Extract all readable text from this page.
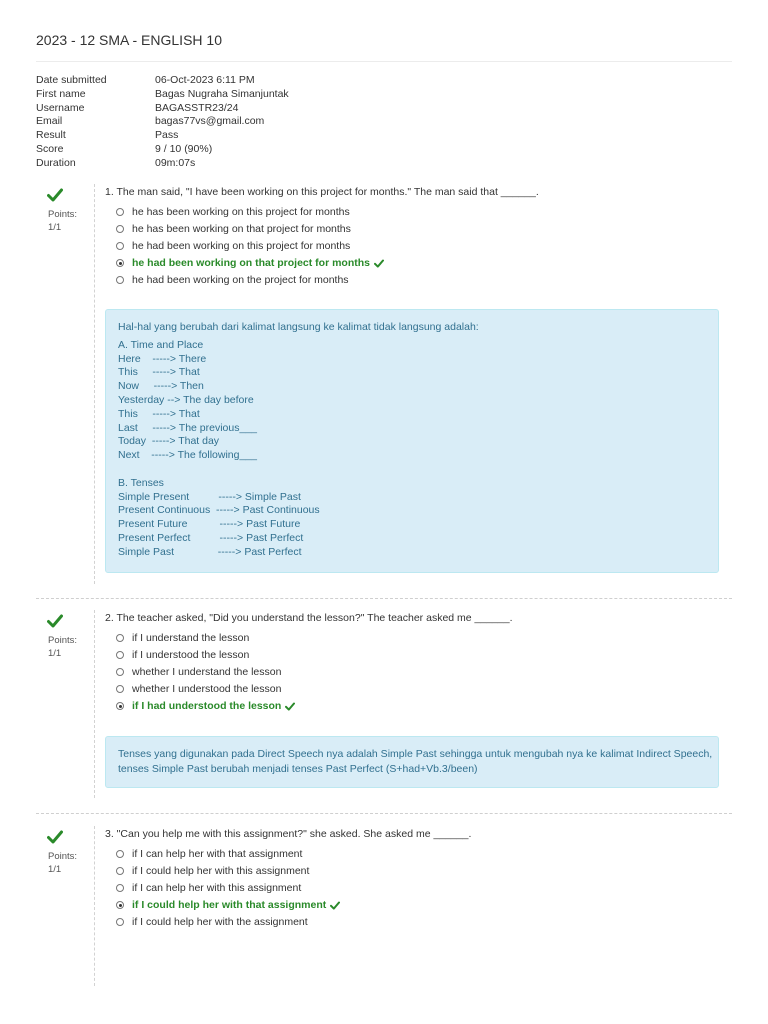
2023 - 12 SMA - ENGLISH 10
Date submitted	06-Oct-2023 6:11 PM
First name	Bagas Nugraha Simanjuntak
Username	BAGASSTR23/24
Email	bagas77vs@gmail.com
Result	Pass
Score	9 / 10 (90%)
Duration	09m:07s
Points:
1/1
1. The man said, "I have been working on this project for months." The man said that ______.
he has been working on this project for months
he has been working on that project for months
he had been working on this project for months
he had been working on that project for months
he had been working on the project for months
Hal-hal yang berubah dari kalimat langsung ke kalimat tidak langsung adalah:
A. Time and Place
Here    -----> There
This     -----> That
Now     -----> Then
Yesterday --> The day before
This     -----> That
Last     -----> The previous___
Today  -----> That day
Next    -----> The following___
B. Tenses
Simple Present          -----> Simple Past
Present Continuous  -----> Past Continuous
Present Future           -----> Past Future
Present Perfect          -----> Past Perfect
Simple Past               -----> Past Perfect
Points:
1/1
2. The teacher asked, "Did you understand the lesson?" The teacher asked me ______.
if I understand the lesson
if I understood the lesson
whether I understand the lesson
whether I understood the lesson
if I had understood the lesson
Tenses yang digunakan pada Direct Speech nya adalah Simple Past sehingga untuk mengubah nya ke kalimat Indirect Speech,
tenses Simple Past berubah menjadi tenses Past Perfect (S+had+Vb.3/been)
Points:
1/1
3. "Can you help me with this assignment?" she asked. She asked me ______.
if I can help her with that assignment
if I could help her with this assignment
if I can help her with this assignment
if I could help her with that assignment
if I could help her with the assignment
